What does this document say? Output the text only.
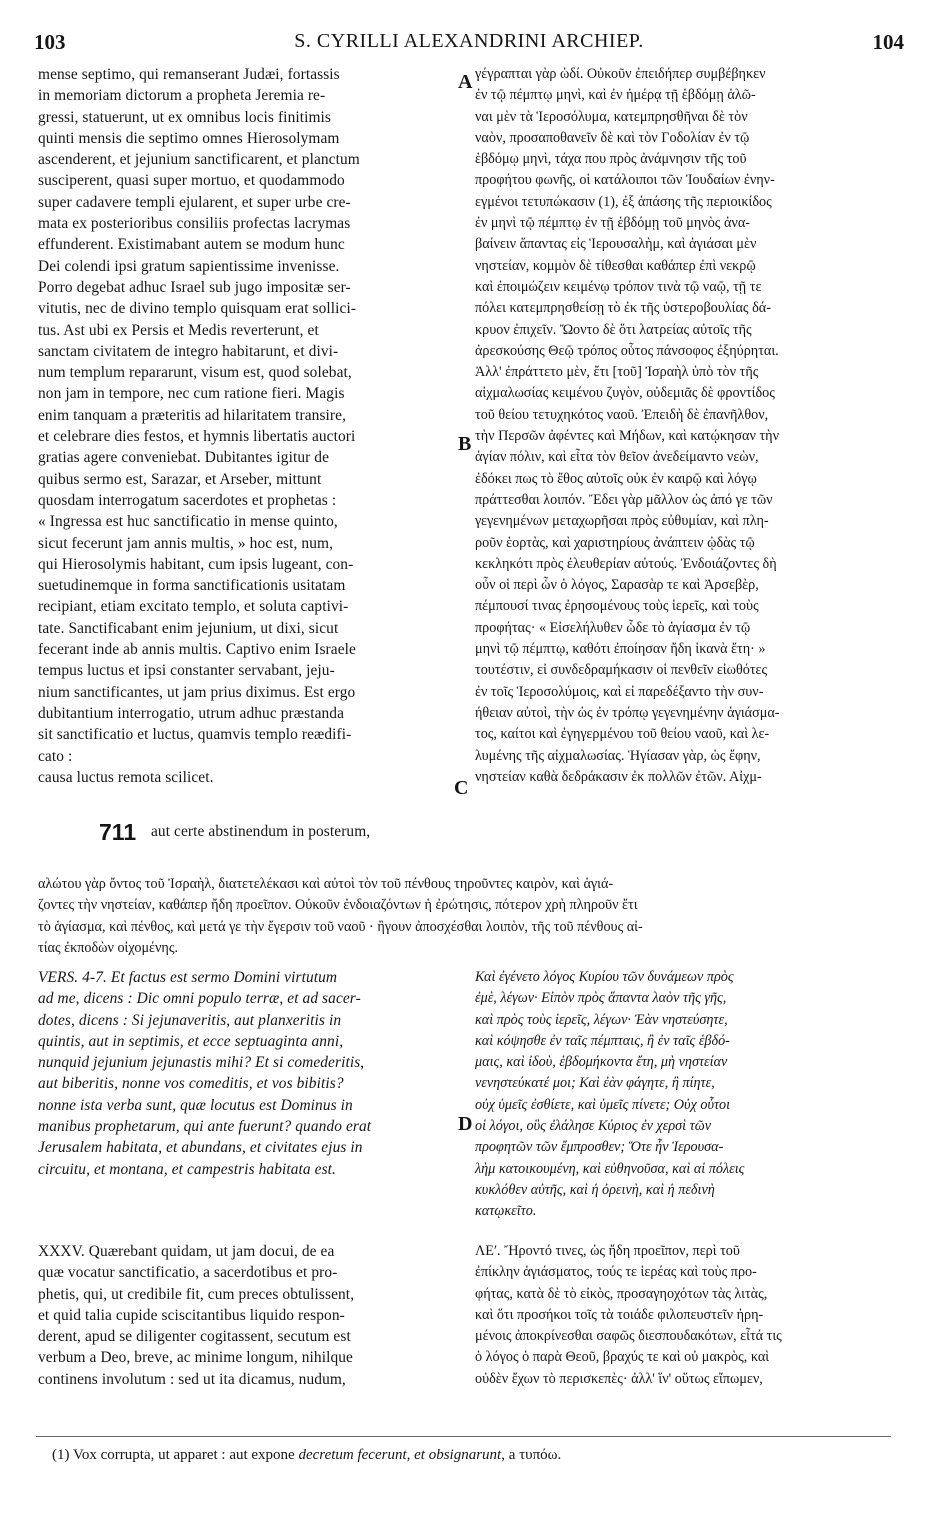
103	S. CYRILLI ALEXANDRINI ARCHIEP.	104
A
B
C
D
mense septimo, qui remanserant Judæi, fortassis
in memoriam dictorum a propheta Jeremia re-
gressi, statuerunt, ut ex omnibus locis finitimis
quinti mensis die septimo omnes Hierosolymam
ascenderent, et jejunium sanctificarent, et planctum
susciperent, quasi super mortuo, et quodammodo
super cadavere templi ejularent, et super urbe cre-
mata ex posterioribus consiliis profectas lacrymas
effunderent. Existimabant autem se modum hunc
Dei colendi ipsi gratum sapientissime invenisse.
Porro degebat adhuc Israel sub jugo impositæ ser-
vitutis, nec de divino templo quisquam erat sollici-
tus. Ast ubi ex Persis et Medis reverterunt, et
sanctam civitatem de integro habitarunt, et divi-
num templum repararunt, visum est, quod solebat,
non jam in tempore, nec cum ratione fieri. Magis
enim tanquam a præteritis ad hilaritatem transire,
et celebrare dies festos, et hymnis libertatis auctori
gratias agere conveniebat. Dubitantes igitur de
quibus sermo est, Sarazar, et Arseber, mittunt
quosdam interrogatum sacerdotes et prophetas :
« Ingressa est huc sanctificatio in mense quinto,
sicut fecerunt jam annis multis, » hoc est, num,
qui Hierosolymis habitant, cum ipsis lugeant, con-
suetudinemque in forma sanctificationis usitatam
recipiant, etiam excitato templo, et soluta captivi-
tate. Sanctificabant enim jejunium, ut dixi, sicut
fecerant inde ab annis multis. Captivo enim Israele
tempus luctus et ipsi constanter servabant, jeju-
nium sanctificantes, ut jam prius diximus. Est ergo
dubitantium interrogatio, utrum adhuc præstanda
sit sanctificatio et luctus, quamvis templo reædifi-
cato :
causa luctus remota scilicet.
711 aut certe abstinendum in posterum,
γέγραπται γὰρ ὡδί. Οὐκοῦν ἐπειδήπερ συμβέβηκεν
ἐν τῷ πέμπτῳ μηνὶ, καὶ ἐν ἡμέρᾳ τῇ ἑβδόμῃ ἁλῶ-
ναι μὲν τὰ Ἱεροσόλυμα, κατεμπρησθῆναι δὲ τὸν
ναὸν, προσαποθανεῖν δὲ καὶ τὸν Γοδολίαν ἐν τῷ
ἑβδόμῳ μηνὶ, τάχα που πρὸς ἀνάμνησιν τῆς τοῦ
προφήτου φωνῆς, οἱ κατάλοιποι τῶν Ἰουδαίων ἐνην-
εγμένοι τετυπώκασιν (1), ἐξ ἁπάσης τῆς περιοικίδος
ἐν μηνὶ τῷ πέμπτῳ ἐν τῇ ἑβδόμῃ τοῦ μηνὸς ἀνα-
βαίνειν ἅπαντας εἰς Ἱερουσαλὴμ, καὶ ἁγιάσαι μὲν
νηστείαν, κομμὸν δὲ τίθεσθαι καθάπερ ἐπὶ νεκρῷ
καὶ ἐποιμώζειν κειμένῳ τρόπον τινὰ τῷ ναῷ, τῇ τε
πόλει κατεμπρησθείσῃ τὸ ἐκ τῆς ὑστεροβουλίας δά-
κρυον ἐπιχεῖν. Ὤοντο δὲ ὅτι λατρείας αὐτοῖς τῆς
ἀρεσκούσης Θεῷ τρόπος οὗτος πάνσοφος ἐξηύρηται.
Ἀλλ' ἐπράττετο μὲν, ἔτι [τοῦ] Ἰσραὴλ ὑπὸ τὸν τῆς
αἰχμαλωσίας κειμένου ζυγὸν, οὐδεμιᾶς δὲ φροντίδος
τοῦ θείου τετυχηκότος ναοῦ. Ἐπειδὴ δὲ ἐπανῆλθον,
τὴν Περσῶν ἀφέντες καὶ Μήδων, καὶ κατῴκησαν τὴν
ἁγίαν πόλιν, καὶ εἶτα τὸν θεῖον ἀνεδείμαντο νεὼν,
ἐδόκει πως τὸ ἔθος αὐτοῖς οὐκ ἐν καιρῷ καὶ λόγῳ
πράττεσθαι λοιπόν. Ἔδει γὰρ μᾶλλον ὡς ἀπό γε τῶν
γεγενημένων μεταχωρῆσαι πρὸς εὐθυμίαν, καὶ πλη-
ροῦν ἑορτὰς, καὶ χαριστηρίους ἀνάπτειν ᾠδὰς τῷ
κεκληκότι πρὸς ἐλευθερίαν αὐτούς. Ἐνδοιάζοντες δὴ
οὖν οἱ περὶ ὧν ὁ λόγος, Σαρασὰρ τε καὶ Ἀρσεβὲρ,
πέμπουσί τινας ἐρησομένους τοὺς ἱερεῖς, καὶ τοὺς
προφήτας· « Εἰσελήλυθεν ὧδε τὸ ἁγίασμα ἐν τῷ
μηνὶ τῷ πέμπτῳ, καθότι ἐποίησαν ἤδη ἱκανὰ ἔτη· »
τουτέστιν, εἰ συνδεδραμήκασιν οἱ πενθεῖν εἰωθότες
ἐν τοῖς Ἱεροσολύμοις, καὶ εἰ παρεδέξαντο τὴν συν-
ήθειαν αὐτοὶ, τὴν ὡς ἐν τρόπῳ γεγενημένην ἁγιάσμα-
τος, καίτοι καὶ ἐγηγερμένου τοῦ θείου ναοῦ, καὶ λε-
λυμένης τῆς αἰχμαλωσίας. Ἡγίασαν γὰρ, ὡς ἔφην,
νηστείαν καθὰ δεδράκασιν ἐκ πολλῶν ἐτῶν. Αἰχμ-
αλώτου γὰρ ὄντος τοῦ Ἰσραὴλ, διατετελέκασι καὶ αὐτοὶ τὸν τοῦ πένθους τηροῦντες καιρὸν, καὶ ἁγιά-
ζοντες τὴν νηστείαν, καθάπερ ἤδη προεῖπον. Οὐκοῦν ἐνδοιαζόντων ἡ ἐρώτησις, πότερον χρὴ πληροῦν ἔτι
τὸ ἁγίασμα, καὶ πένθος, καὶ μετά γε τὴν ἔγερσιν τοῦ ναοῦ · ἢγουν ἀποσχέσθαι λοιπὸν, τῆς τοῦ πένθους αἰ-
τίας ἐκποδὼν οἰχομένης.
VERS. 4-7. Et factus est sermo Domini virtutum
ad me, dicens : Dic omni populo terræ, et ad sacer-
dotes, dicens : Si jejunaveritis, aut planxeritis in
quintis, aut in septimis, et ecce septuaginta anni,
nunquid jejunium jejunastis mihi? Et si comederitis,
aut biberitis, nonne vos comeditis, et vos bibitis?
nonne ista verba sunt, quæ locutus est Dominus in
manibus prophetarum, qui ante fuerunt? quando erat
Jerusalem habitata, et abundans, et civitates ejus in
circuitu, et montana, et campestris habitata est.
Καὶ ἐγένετο λόγος Κυρίου τῶν δυνάμεων πρὸς
ἐμὲ, λέγων· Εἰπὸν πρὸς ἅπαντα λαὸν τῆς γῆς,
καὶ πρὸς τοὺς ἱερεῖς, λέγων· Ἐὰν νηστεύσητε,
καὶ κόψησθε ἐν ταῖς πέμπταις, ἢ ἐν ταῖς ἑβδό-
μαις, καὶ ἰδοὺ, ἑβδομήκοντα ἔτη, μὴ νηστείαν
νενηστεύκατέ μοι; Καὶ ἐὰν φάγητε, ἢ πίητε,
οὐχ ὑμεῖς ἐσθίετε, καὶ ὑμεῖς πίνετε; Οὐχ οὗτοι
οἱ λόγοι, οὓς ἐλάλησε Κύριος ἐν χερσὶ τῶν
προφητῶν τῶν ἔμπροσθεν; Ὅτε ἦν Ἱερουσα-
λὴμ κατοικουμένη, καὶ εὐθηνοῦσα, καὶ αἱ πόλεις
κυκλόθεν αὐτῆς, καὶ ἡ ὀρεινὴ, καὶ ἡ πεδινὴ
κατῳκεῖτο.
XXXV. Quærebant quidam, ut jam docui, de ea
quæ vocatur sanctificatio, a sacerdotibus et pro-
phetis, qui, ut credibile fit, cum preces obtulissent,
et quid talia cupide sciscitantibus liquido respon-
derent, apud se diligenter cogitassent, secutum est
verbum a Deo, breve, ac minime longum, nihilque
continens involutum : sed ut ita dicamus, nudum,
ΛΕʹ. Ἤροντό τινες, ὡς ἤδη προεῖπον, περὶ τοῦ
ἐπίκλην ἁγιάσματος, τούς τε ἱερέας καὶ τοὺς προ-
φήτας, κατὰ δὲ τὸ εἰκὸς, προσαγηοχότων τὰς λιτὰς,
καὶ ὅτι προσήκοι τοῖς τὰ τοιάδε φιλοπευστεῖν ἠρη-
μένοις ἀποκρίνεσθαι σαφῶς διεσπουδακότων, εἶτά τις
ὁ λόγος ὁ παρὰ Θεοῦ, βραχύς τε καὶ οὐ μακρὸς, καὶ
οὐδὲν ἔχων τὸ περισκεπὲς· ἀλλ' ἵν' οὕτως εἴπωμεν,
(1) Vox corrupta, ut apparet : aut expone decretum fecerunt, et obsignarunt, a τυπόω.
